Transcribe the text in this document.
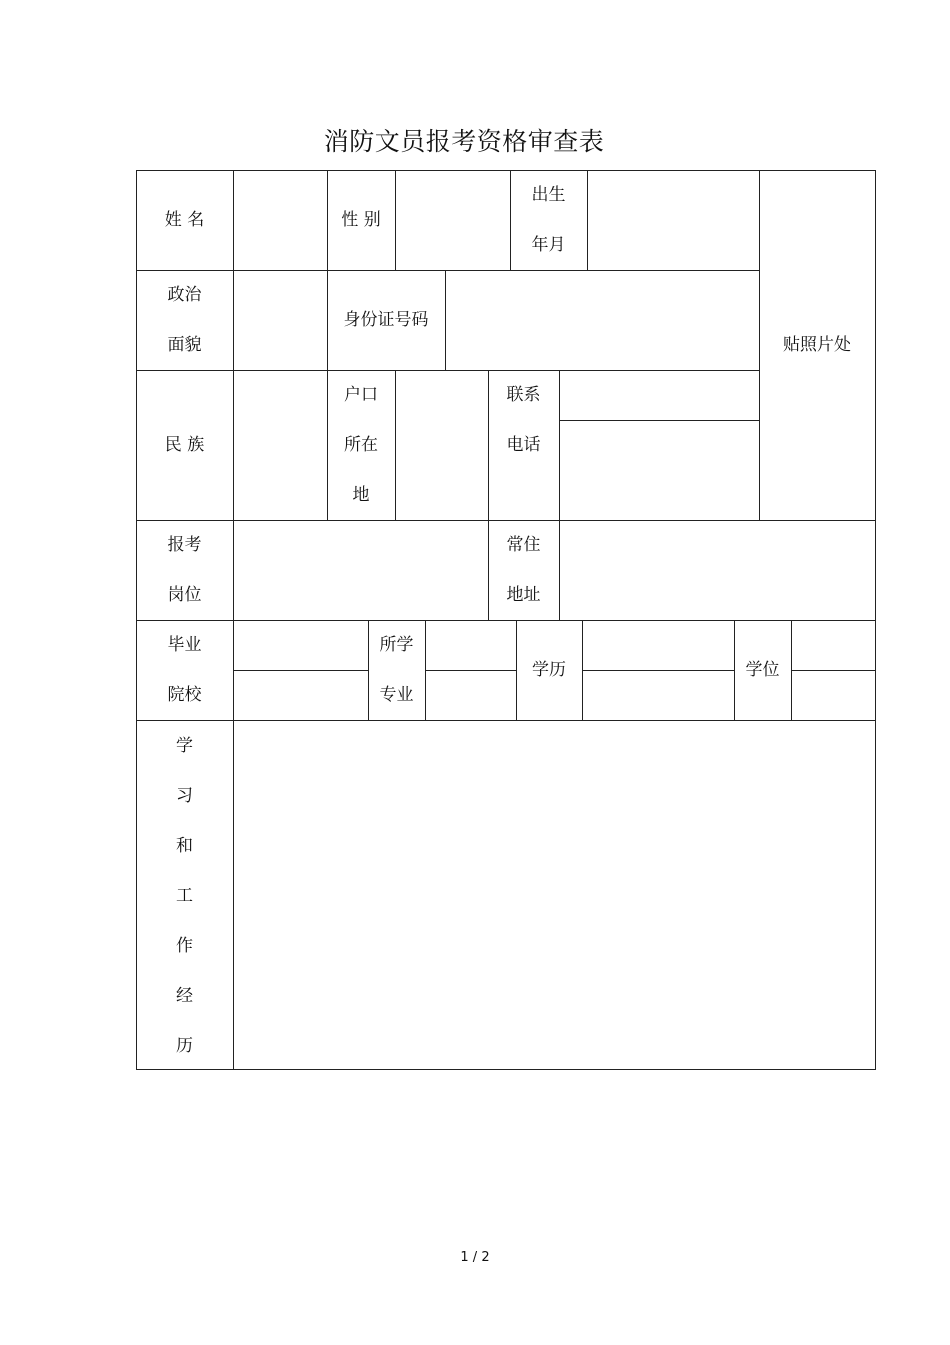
消防文员报考资格审查表
姓 名	性 别
出生
年月
贴照片处
政治
面貌
身份证号码
民 族
户口
所在
地
联系
电话
报考
岗位
常住
地址
毕业
院校
所学
专业
学历	学位
学
习
和
工
作
经
历
1 / 2
